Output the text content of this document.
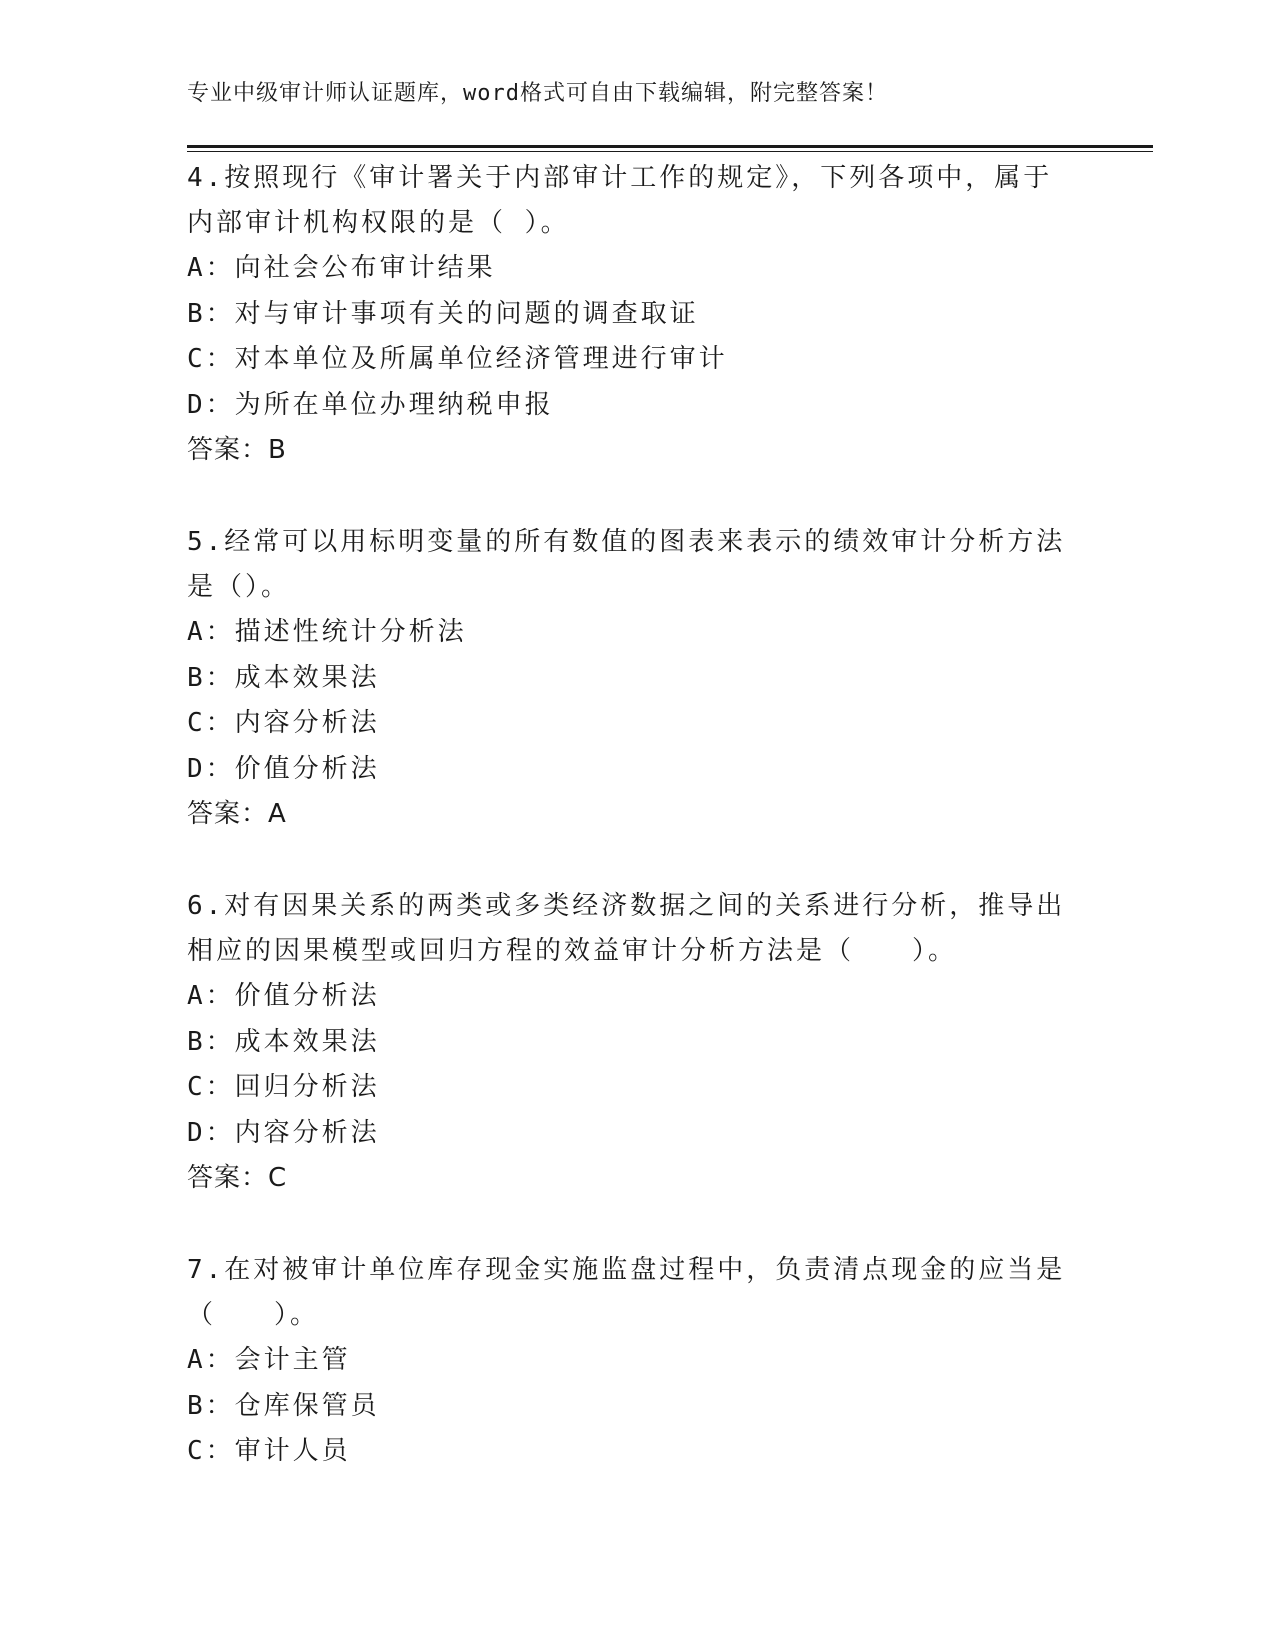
专业中级审计师认证题库，word格式可自由下载编辑，附完整答案！

4.按照现行《审计署关于内部审计工作的规定》，下列各项中，属于

内部审计机构权限的是（ ）。

A：向社会公布审计结果

B：对与审计事项有关的问题的调查取证

C：对本单位及所属单位经济管理进行审计

D：为所在单位办理纳税申报

答案：B

5.经常可以用标明变量的所有数值的图表来表示的绩效审计分析方法

是（）。

A：描述性统计分析法

B：成本效果法

C：内容分析法

D：价值分析法

答案：A

6.对有因果关系的两类或多类经济数据之间的关系进行分析，推导出

相应的因果模型或回归方程的效益审计分析方法是（　　）。

A：价值分析法

B：成本效果法

C：回归分析法

D：内容分析法

答案：C

7.在对被审计单位库存现金实施监盘过程中，负责清点现金的应当是

（　　）。

A：会计主管

B：仓库保管员

C：审计人员
